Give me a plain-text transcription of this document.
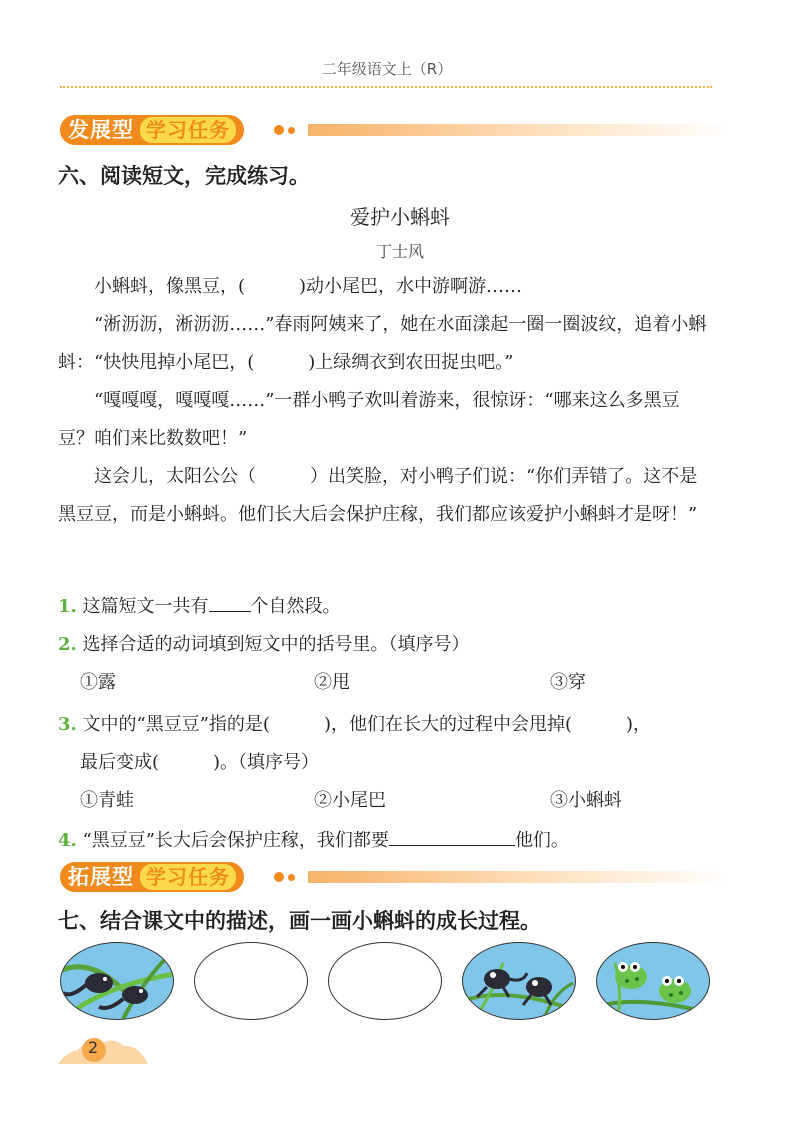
二年级语文上（R）
发展型 学习任务
六、阅读短文，完成练习。
爱护小蝌蚪
丁士风

小蝌蚪，像黑豆，(　　　)动小尾巴，水中游啊游……

“淅沥沥，淅沥沥……”春雨阿姨来了，她在水面漾起一圈一圈波纹，追着小蝌蚪：“快快甩掉小尾巴，(　　　)上绿绸衣到农田捉虫吧。”

“嘎嘎嘎，嘎嘎嘎……”一群小鸭子欢叫着游来，很惊讶：“哪来这么多黑豆豆？咱们来比数数吧！”

这会儿，太阳公公（　　　）出笑脸，对小鸭子们说：“你们弄错了。这不是黑豆豆，而是小蝌蚪。他们长大后会保护庄稼，我们都应该爱护小蝌蚪才是呀！”

1. 这篇短文一共有 个自然段。
2. 选择合适的动词填到短文中的括号里。（填序号）
①露	②甩	③穿
3. 文中的“黑豆豆”指的是(　　　)，他们在长大的过程中会甩掉(　　　)，
最后变成(　　　)。（填序号）
①青蛙	②小尾巴	③小蝌蚪
4. “黑豆豆”长大后会保护庄稼，我们都要	他们。
拓展型 学习任务
七、结合课文中的描述，画一画小蝌蚪的成长过程。
2
